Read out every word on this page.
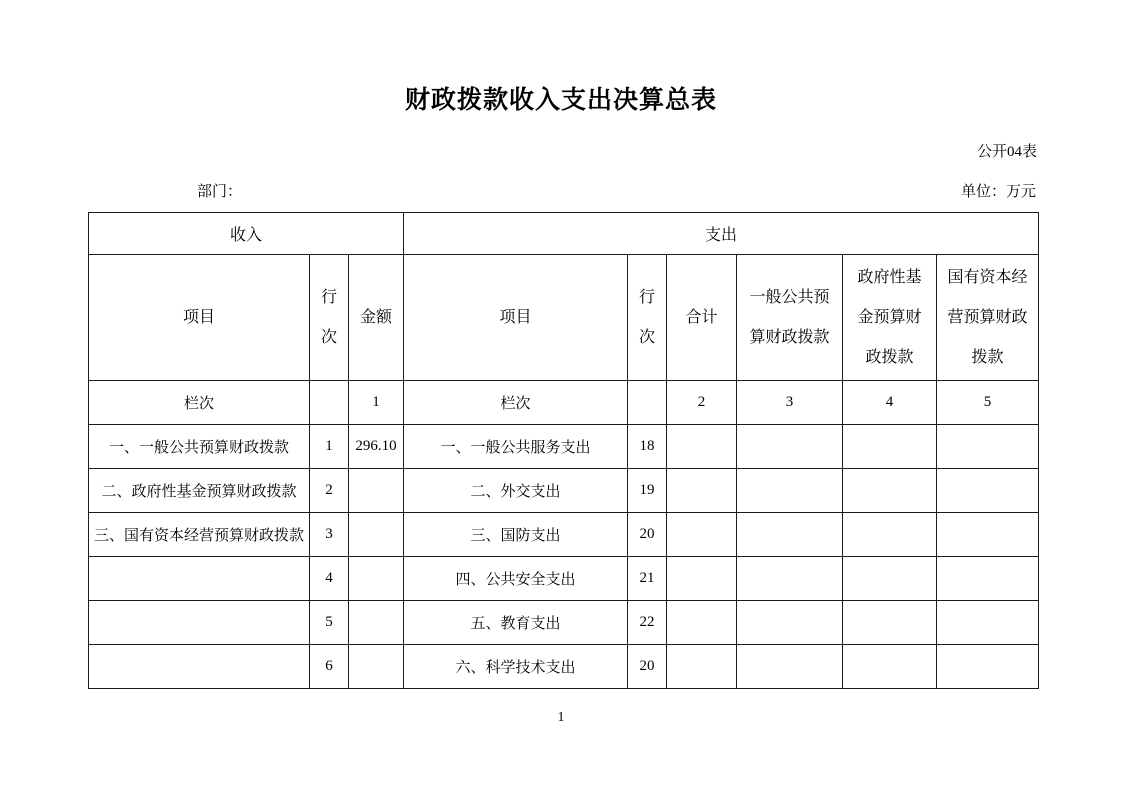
财政拨款收入支出决算总表
公开04表
部门：	单位：万元
收入			支出					
项目	行次	金额	项目	行次	合计	一般公共预算财政拨款	政府性基金预算财政拨款	国有资本经营预算财政拨款
栏次		1	栏次		2	3	4	5
一、一般公共预算财政拨款	1	296.10	一、一般公共服务支出	18				
二、政府性基金预算财政拨款	2		二、外交支出	19				
三、国有资本经营预算财政拨款	3		三、国防支出	20				
	4		四、公共安全支出	21				
	5		五、教育支出	22				
	6		六、科学技术支出	20				
1
